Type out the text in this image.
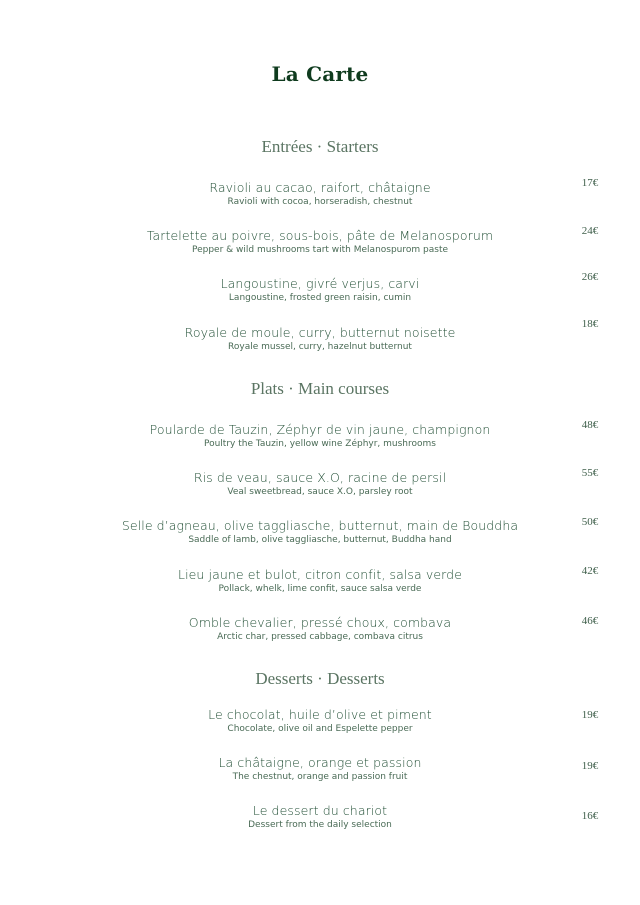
La Carte
Entrées · Starters
Ravioli au cacao, raifort, châtaigne
Ravioli with cocoa, horseradish, chestnut
17€
Tartelette au poivre, sous-bois, pâte de Melanosporum
Pepper & wild mushrooms tart with Melanospurom paste
24€
Langoustine, givré verjus, carvi
Langoustine, frosted green raisin, cumin
26€
Royale de moule, curry, butternut noisette
Royale mussel, curry, hazelnut butternut
18€
Plats · Main courses
Poularde de Tauzin, Zéphyr de vin jaune, champignon
Poultry the Tauzin, yellow wine Zéphyr, mushrooms
48€
Ris de veau, sauce X.O, racine de persil
Veal sweetbread, sauce X.O, parsley root
55€
Selle d’agneau, olive taggliasche, butternut, main de Bouddha
Saddle of lamb, olive taggliasche, butternut, Buddha hand
50€
Lieu jaune et bulot, citron confit, salsa verde
Pollack, whelk, lime confit, sauce salsa verde
42€
Omble chevalier, pressé choux, combava
Arctic char, pressed cabbage, combava citrus
46€
Desserts · Desserts
Le chocolat, huile d’olive et piment
Chocolate, olive oil and Espelette pepper
19€
La châtaigne, orange et passion
The chestnut, orange and passion fruit
19€
Le dessert du chariot
Dessert from the daily selection
16€
